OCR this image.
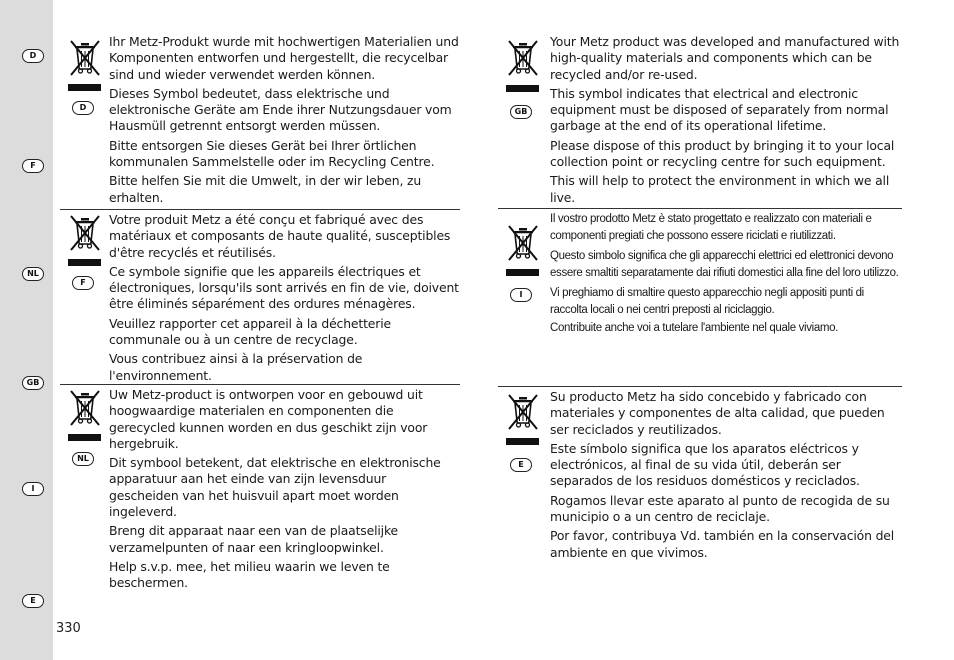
D
F
NL
GB
I
E
330
D

Ihr Metz-Produkt wurde mit hochwertigen Materialien und Komponenten entworfen und hergestellt, die recycelbar sind und wieder verwendet werden können.

Dieses Symbol bedeutet, dass elektrische und elektronische Geräte am Ende ihrer Nutzungsdauer vom Hausmüll getrennt entsorgt werden müssen.

Bitte entsorgen Sie dieses Gerät bei Ihrer örtlichen kommunalen Sammelstelle oder im Recycling Centre.

Bitte helfen Sie mit die Umwelt, in der wir leben, zu erhalten.

F

Votre produit Metz a été conçu et fabriqué avec des matériaux et composants de haute qualité, susceptibles d'être recyclés et réutilisés.

Ce symbole signifie que les appareils électriques et électroniques, lorsqu'ils sont arrivés en fin de vie, doivent être éliminés séparément des ordures ménagères.

Veuillez rapporter cet appareil à la déchetterie communale ou à un centre de recyclage.

Vous contribuez ainsi à la préservation de l'environnement.

NL

Uw Metz-product is ontworpen voor en gebouwd uit hoogwaardige materialen en componenten die gerecycled kunnen worden en dus geschikt zijn voor hergebruik.

Dit symbool betekent, dat elektrische en elektronische apparatuur aan het einde van zijn levensduur gescheiden van het huisvuil apart moet worden ingeleverd.

Breng dit apparaat naar een van de plaatselijke verzamelpunten of naar een kringloopwinkel.

Help s.v.p. mee, het milieu waarin we leven te beschermen.

GB

Your Metz product was developed and manufactured with high-quality materials and components which can be recycled and/or re-used.

This symbol indicates that electrical and electronic equipment must be disposed of separately from normal garbage at the end of its operational lifetime.

Please dispose of this product by bringing it to your local collection point or recycling centre for such equipment.

This will help to protect the environment in which we all live.

I

Il vostro prodotto Metz è stato progettato e realizzato con materiali e componenti pregiati che possono essere riciclati e riutilizzati.

Questo simbolo significa che gli apparecchi elettrici ed elettronici devono essere smaltiti separatamente dai rifiuti domestici alla fine del loro utilizzo.

Vi preghiamo di smaltire questo apparecchio negli appositi punti di raccolta locali o nei centri preposti al riciclaggio.

Contribuite anche voi a tutelare l'ambiente nel quale viviamo.

E

Su producto Metz ha sido concebido y fabricado con materiales y componentes de alta calidad, que pueden ser reciclados y reutilizados.

Este símbolo significa que los aparatos eléctricos y electrónicos, al final de su vida útil, deberán ser separados de los residuos domésticos y reciclados.

Rogamos llevar este aparato al punto de recogida de su municipio o a un centro de reciclaje.

Por favor, contribuya Vd. también en la conservación del ambiente en que vivimos.
